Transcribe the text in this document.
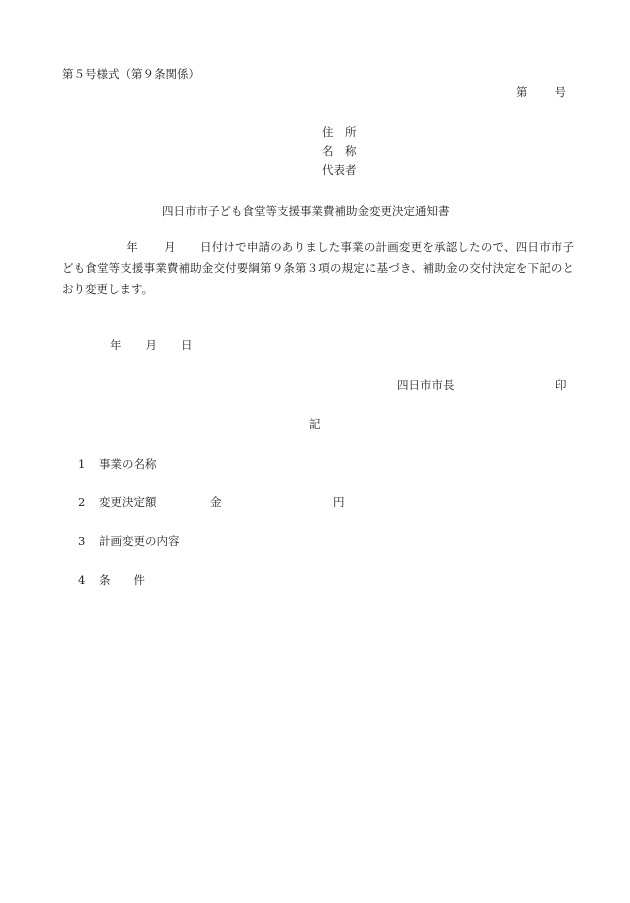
第５号様式（第９条関係）
第 号
住　所
名　称
代表者
四日市市子ども食堂等支援事業費補助金変更決定通知書
年 月 日付けで申請のありました事業の計画変更を承認したので、四日市市子ども食堂等支援事業費補助金交付要綱第９条第３項の規定に基づき、補助金の交付決定を下記のとおり変更します。
年 月 日
四日市市長	印
記
1 事業の名称
2 変更決定額	金	円
3 計画変更の内容
4 条　　件
